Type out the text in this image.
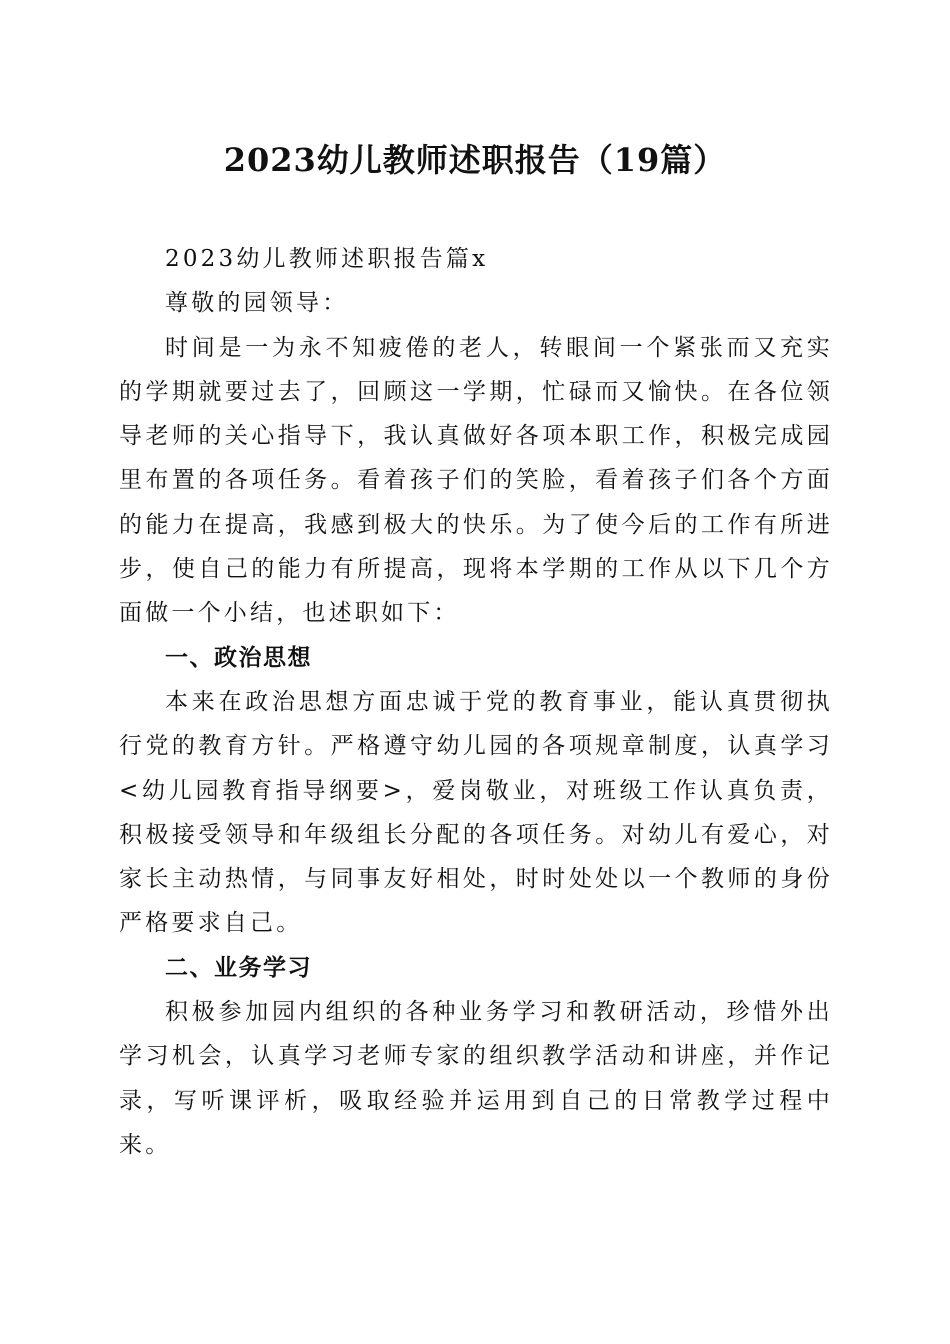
2023幼儿教师述职报告（19篇）

2023幼儿教师述职报告篇x

尊敬的园领导：

时间是一为永不知疲倦的老人，转眼间一个紧张而又充实的学期就要过去了，回顾这一学期，忙碌而又愉快。在各位领导老师的关心指导下，我认真做好各项本职工作，积极完成园里布置的各项任务。看着孩子们的笑脸，看着孩子们各个方面的能力在提高，我感到极大的快乐。为了使今后的工作有所进步，使自己的能力有所提高，现将本学期的工作从以下几个方面做一个小结，也述职如下：

一、政治思想

本来在政治思想方面忠诚于党的教育事业，能认真贯彻执行党的教育方针。严格遵守幼儿园的各项规章制度，认真学习<幼儿园教育指导纲要>，爱岗敬业，对班级工作认真负责，积极接受领导和年级组长分配的各项任务。对幼儿有爱心，对家长主动热情，与同事友好相处，时时处处以一个教师的身份严格要求自己。

二、业务学习

积极参加园内组织的各种业务学习和教研活动，珍惜外出学习机会，认真学习老师专家的组织教学活动和讲座，并作记录，写听课评析，吸取经验并运用到自己的日常教学过程中来。
